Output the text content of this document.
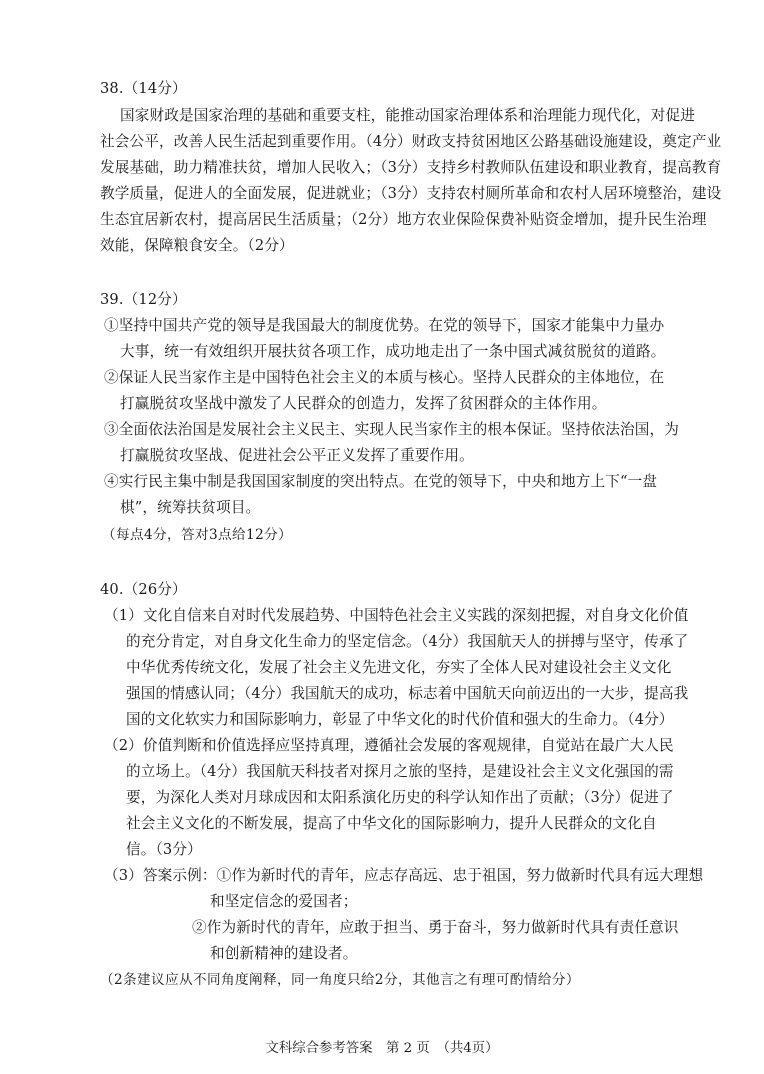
38.（14分）
国家财政是国家治理的基础和重要支柱，能推动国家治理体系和治理能力现代化，对促进
社会公平，改善人民生活起到重要作用。（4分）财政支持贫困地区公路基础设施建设，奠定产业
发展基础，助力精准扶贫，增加人民收入；（3分）支持乡村教师队伍建设和职业教育，提高教育
教学质量，促进人的全面发展，促进就业；（3分）支持农村厕所革命和农村人居环境整治，建设
生态宜居新农村，提高居民生活质量；（2分）地方农业保险保费补贴资金增加，提升民生治理
效能，保障粮食安全。（2分）
39.（12分）
①坚持中国共产党的领导是我国最大的制度优势。在党的领导下，国家才能集中力量办
大事，统一有效组织开展扶贫各项工作，成功地走出了一条中国式减贫脱贫的道路。
②保证人民当家作主是中国特色社会主义的本质与核心。坚持人民群众的主体地位，在
打赢脱贫攻坚战中激发了人民群众的创造力，发挥了贫困群众的主体作用。
③全面依法治国是发展社会主义民主、实现人民当家作主的根本保证。坚持依法治国，为
打赢脱贫攻坚战、促进社会公平正义发挥了重要作用。
④实行民主集中制是我国国家制度的突出特点。在党的领导下，中央和地方上下“一盘
棋”，统筹扶贫项目。
（每点4分，答对3点给12分）
40.（26分）
（1）文化自信来自对时代发展趋势、中国特色社会主义实践的深刻把握，对自身文化价值
的充分肯定，对自身文化生命力的坚定信念。（4分）我国航天人的拼搏与坚守，传承了
中华优秀传统文化，发展了社会主义先进文化，夯实了全体人民对建设社会主义文化
强国的情感认同；（4分）我国航天的成功，标志着中国航天向前迈出的一大步，提高我
国的文化软实力和国际影响力，彰显了中华文化的时代价值和强大的生命力。（4分）
（2）价值判断和价值选择应坚持真理，遵循社会发展的客观规律，自觉站在最广大人民
的立场上。（4分）我国航天科技者对探月之旅的坚持，是建设社会主义文化强国的需
要，为深化人类对月球成因和太阳系演化历史的科学认知作出了贡献；（3分）促进了
社会主义文化的不断发展，提高了中华文化的国际影响力，提升人民群众的文化自
信。（3分）
（3）答案示例：①作为新时代的青年，应志存高远、忠于祖国，努力做新时代具有远大理想
和坚定信念的爱国者；
②作为新时代的青年，应敢于担当、勇于奋斗，努力做新时代具有责任意识
和创新精神的建设者。
（2条建议应从不同角度阐释，同一角度只给2分，其他言之有理可酌情给分）
文科综合参考答案　第 2 页　（共4页）
